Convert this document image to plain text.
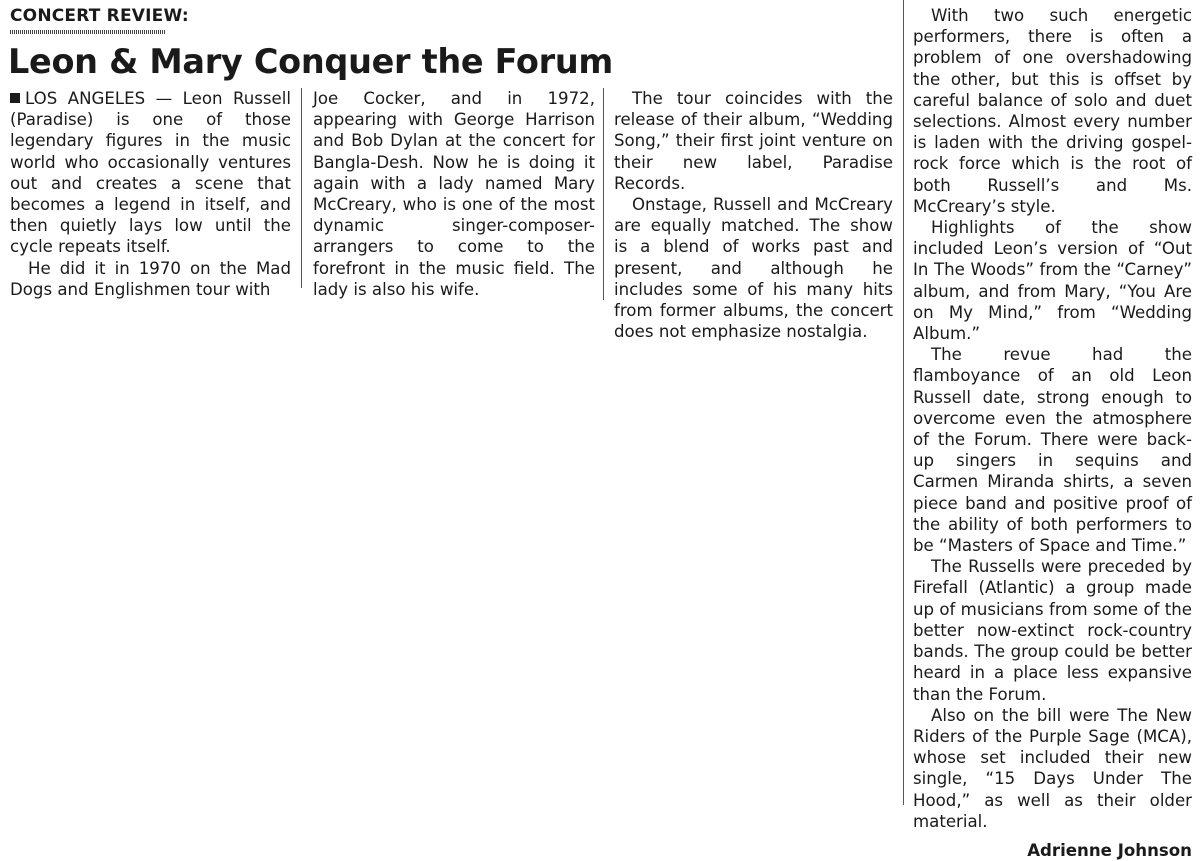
CONCERT REVIEW:
Leon & Mary Conquer the Forum

LOS ANGELES — Leon Russell (Paradise) is one of those legendary figures in the music world who occasionally ventures out and creates a scene that becomes a legend in itself, and then quietly lays low until the cycle repeats itself.

He did it in 1970 on the Mad Dogs and Englishmen tour with

Joe Cocker, and in 1972, appearing with George Harrison and Bob Dylan at the concert for Bangla-Desh. Now he is doing it again with a lady named Mary McCreary, who is one of the most dynamic singer-composer-arrangers to come to the forefront in the music field. The lady is also his wife.

The tour coincides with the release of their album, “Wedding Song,” their first joint venture on their new label, Paradise Records.

Onstage, Russell and McCreary are equally matched. The show is a blend of works past and present, and although he includes some of his many hits from former albums, the concert does not emphasize nostalgia.

With two such energetic performers, there is often a problem of one overshadowing the other, but this is offset by careful balance of solo and duet selections. Almost every number is laden with the driving gospel-rock force which is the root of both Russell’s and Ms. McCreary’s style.

Highlights of the show included Leon’s version of “Out In The Woods” from the “Carney” album, and from Mary, “You Are on My Mind,” from “Wedding Album.”

The revue had the flamboyance of an old Leon Russell date, strong enough to overcome even the atmosphere of the Forum. There were back-up singers in sequins and Carmen Miranda shirts, a seven piece band and positive proof of the ability of both performers to be “Masters of Space and Time.”

The Russells were preceded by Firefall (Atlantic) a group made up of musicians from some of the better now-extinct rock-country bands. The group could be better heard in a place less expansive than the Forum.

Also on the bill were The New Riders of the Purple Sage (MCA), whose set included their new single, “15 Days Under The Hood,” as well as their older material.

Adrienne Johnson
